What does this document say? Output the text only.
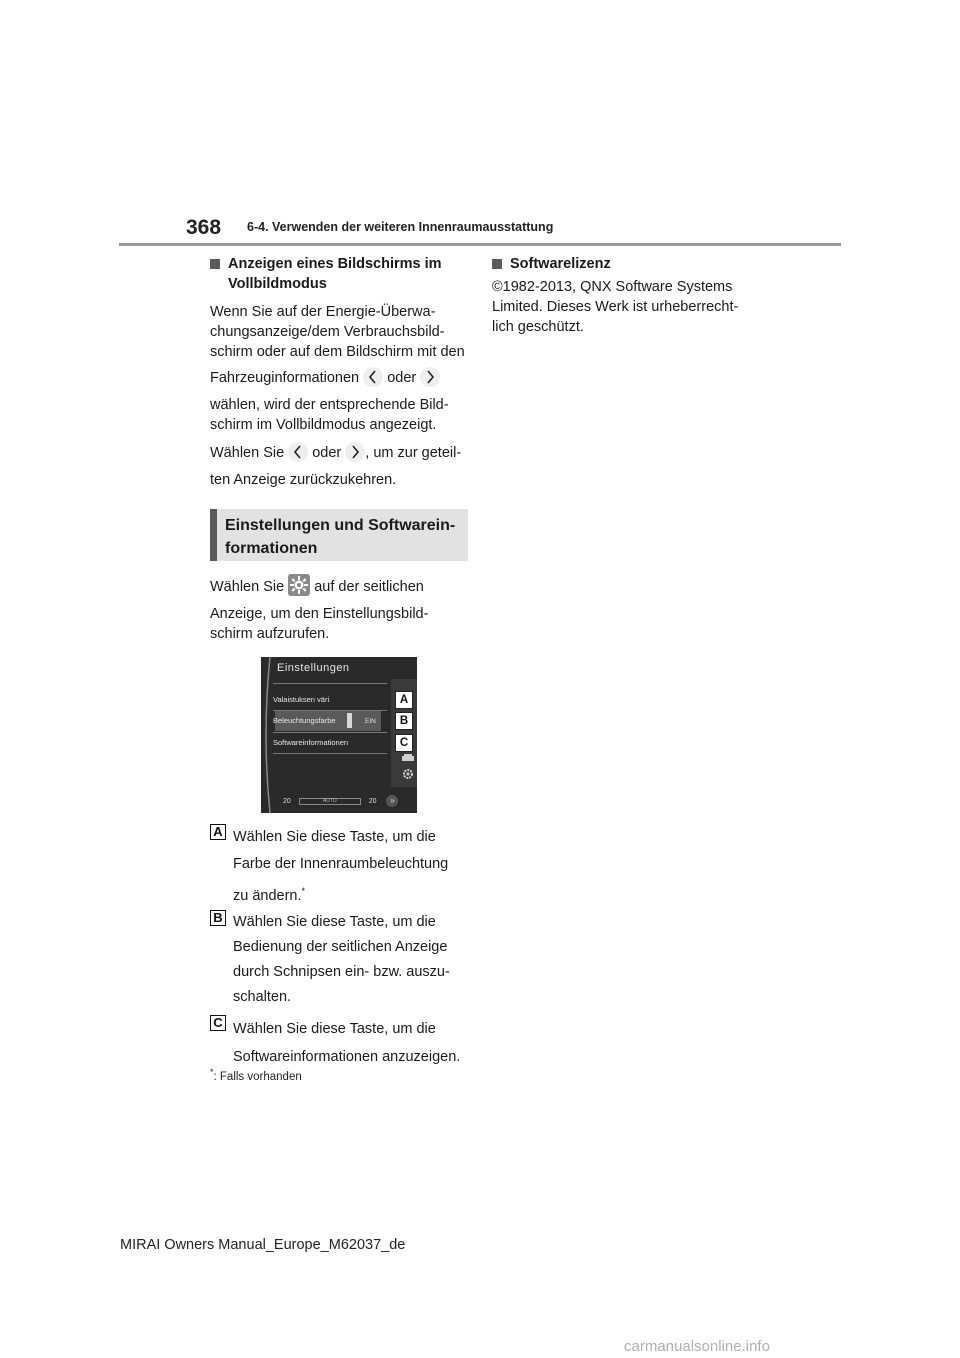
368 6-4. Verwenden der weiteren Innenraumausstattung
Anzeigen eines Bildschirms im
Vollbildmodus

Wenn Sie auf der Energie-Überwa-

chungsanzeige/dem Verbrauchsbild-

schirm oder auf dem Bildschirm mit den

Fahrzeuginformationen oder

wählen, wird der entsprechende Bild-

schirm im Vollbildmodus angezeigt.

Wählen Sie oder , um zur geteil-

ten Anzeige zurückzukehren.

Einstellungen und Softwarein-
formationen
Wählen Sie auf der seitlichen

Anzeige, um den Einstellungsbild-

schirm aufzurufen.

Einstellungen
Valaistuksen väri
Beleuchtungsfarbe	EIN
Softwareinformationen
A
B
C
20	AUTO	20 »
A Wählen Sie diese Taste, um die

Farbe der Innenraumbeleuchtung

zu ändern.*

B Wählen Sie diese Taste, um die

Bedienung der seitlichen Anzeige

durch Schnipsen ein- bzw. auszu-

schalten.

C Wählen Sie diese Taste, um die

Softwareinformationen anzuzeigen.

*: Falls vorhanden
Softwarelizenz

©1982-2013, QNX Software Systems

Limited. Dieses Werk ist urheberrecht-

lich geschützt.

MIRAI Owners Manual_Europe_M62037_de
carmanualsonline.info
